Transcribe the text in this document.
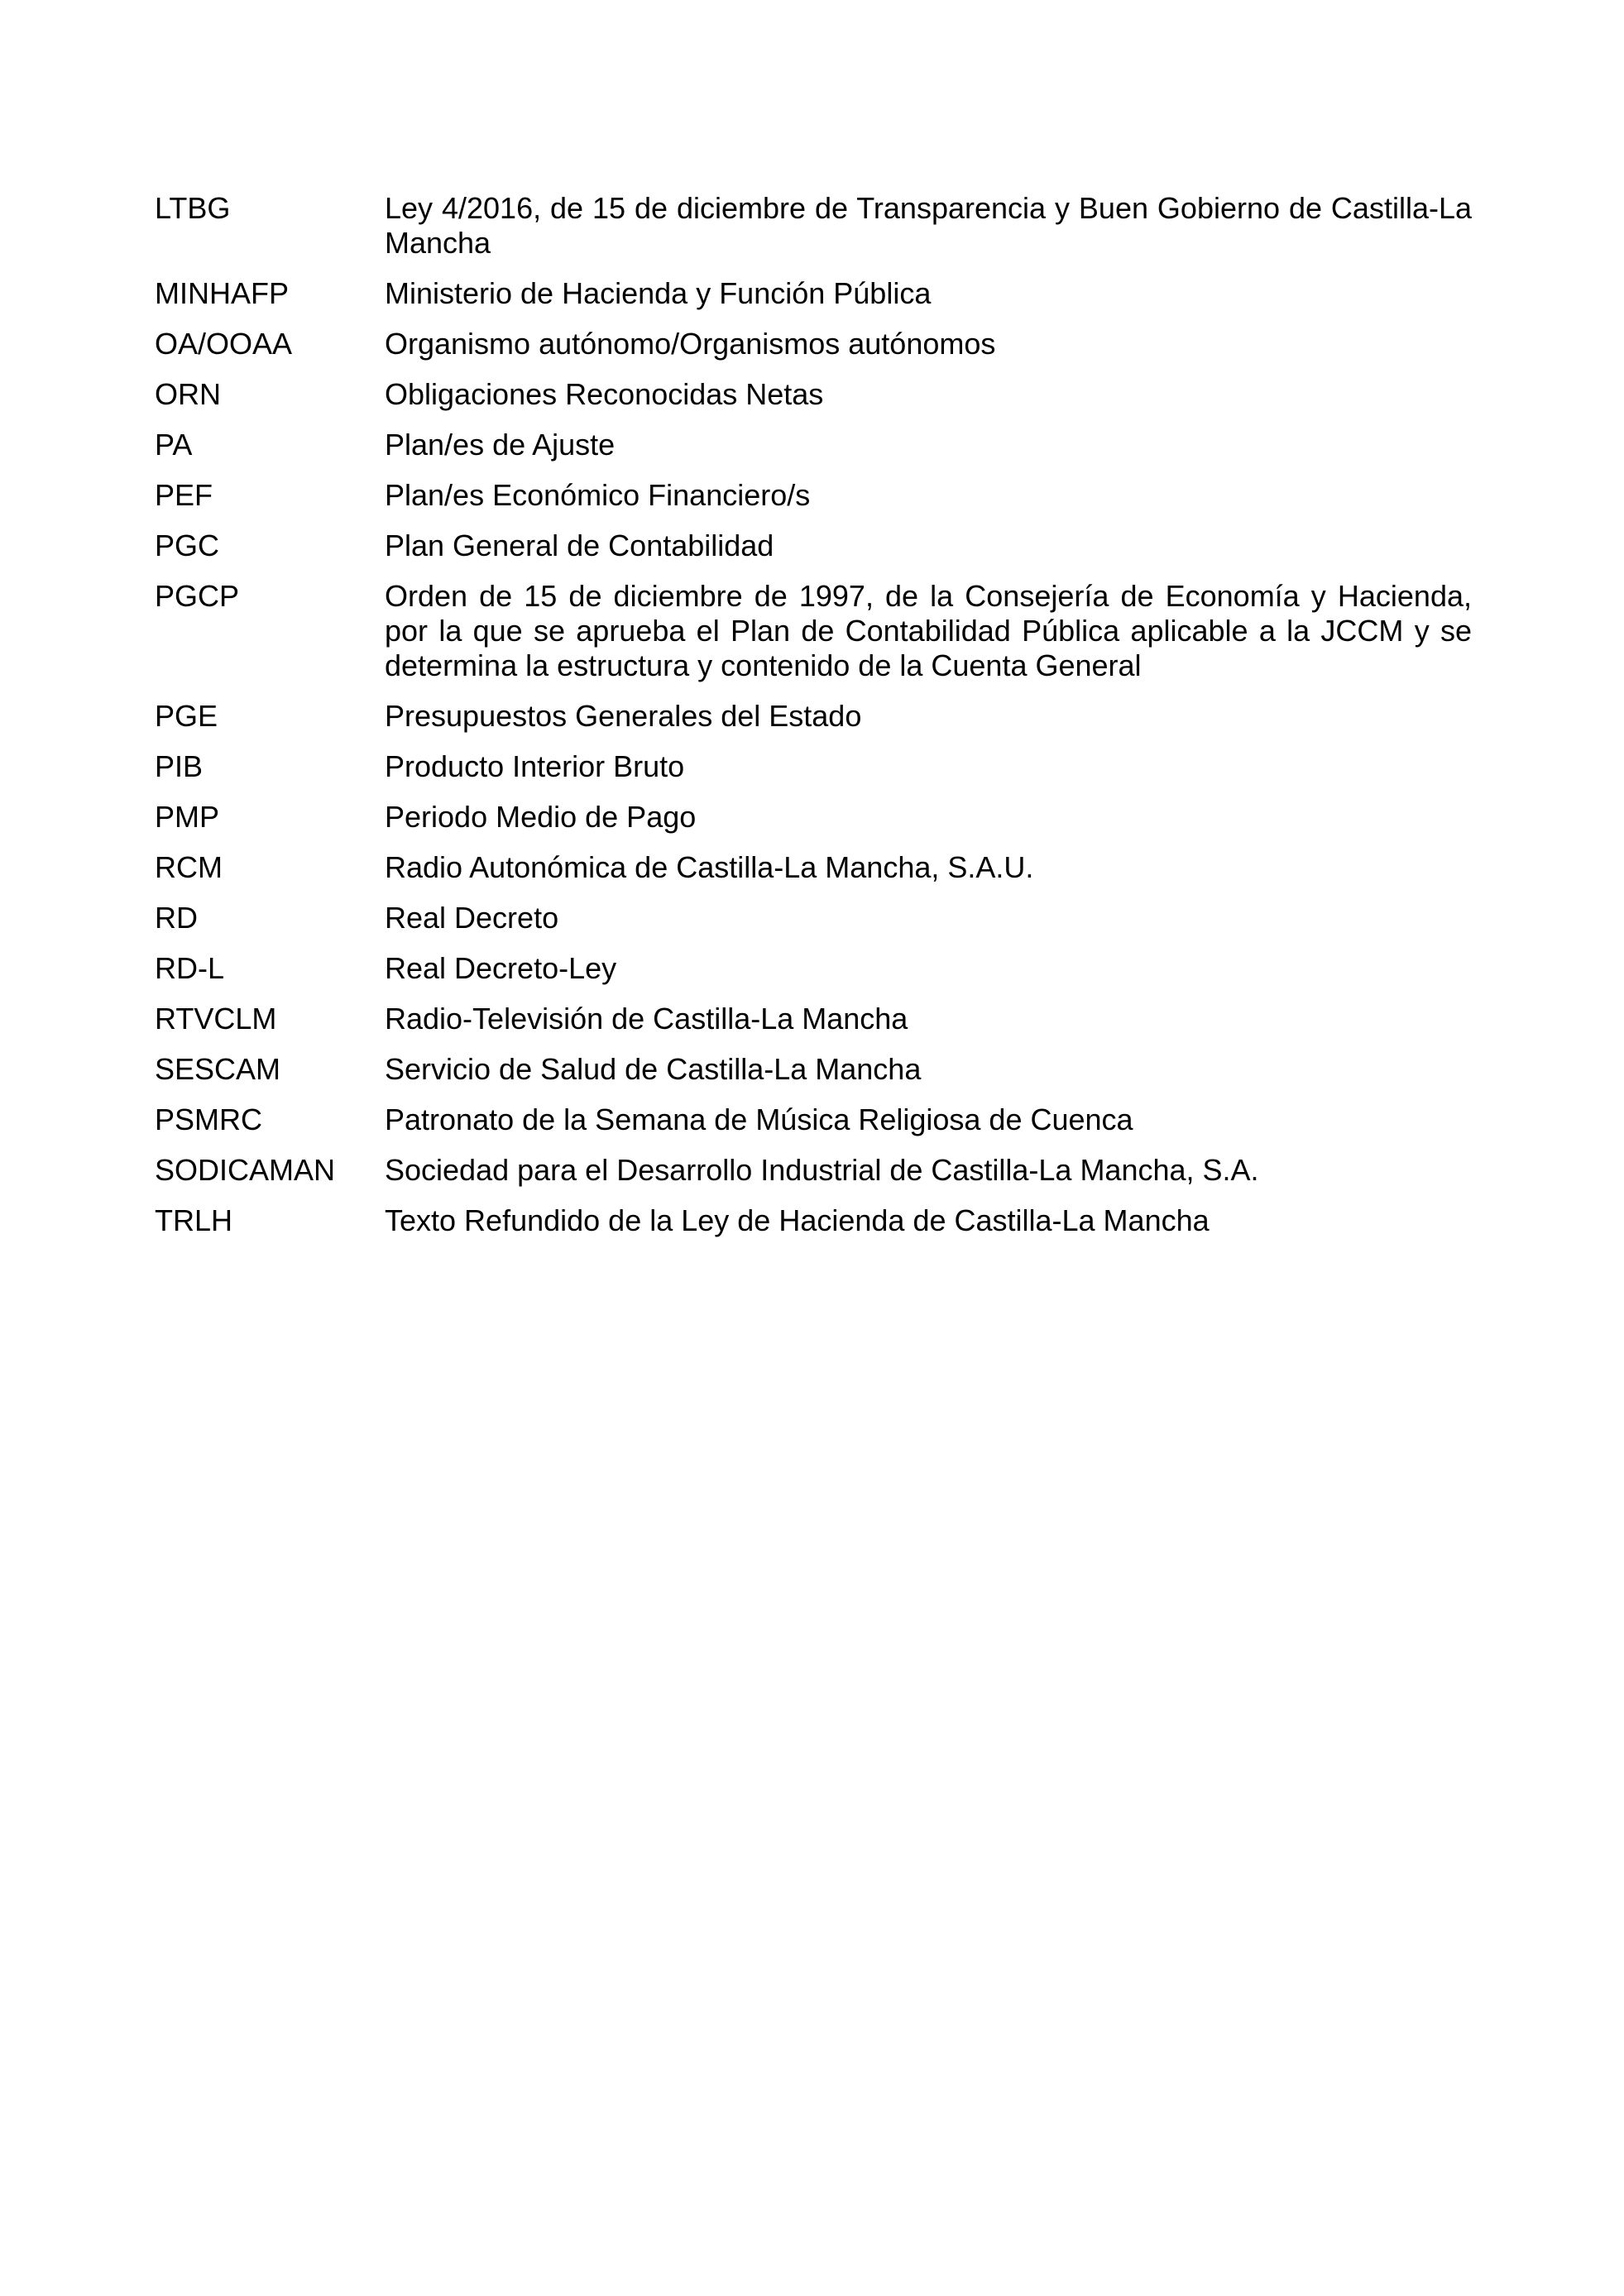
LTBG	Ley 4/2016, de 15 de diciembre de Transparencia y Buen Gobierno de Castilla-La Mancha
MINHAFP	Ministerio de Hacienda y Función Pública
OA/OOAA	Organismo autónomo/Organismos autónomos
ORN	Obligaciones Reconocidas Netas
PA	Plan/es de Ajuste
PEF	Plan/es Económico Financiero/s
PGC	Plan General de Contabilidad
PGCP	Orden de 15 de diciembre de 1997, de la Consejería de Economía y Hacienda, por la que se aprueba el Plan de Contabilidad Pública aplicable a la JCCM y se determina la estructura y contenido de la Cuenta General
PGE	Presupuestos Generales del Estado
PIB	Producto Interior Bruto
PMP	Periodo Medio de Pago
RCM	Radio Autonómica de Castilla-La Mancha, S.A.U.
RD	Real Decreto
RD-L	Real Decreto-Ley
RTVCLM	Radio-Televisión de Castilla-La Mancha
SESCAM	Servicio de Salud de Castilla-La Mancha
PSMRC	Patronato de la Semana de Música Religiosa de Cuenca
SODICAMAN	Sociedad para el Desarrollo Industrial de Castilla-La Mancha, S.A.
TRLH	Texto Refundido de la Ley de Hacienda de Castilla-La Mancha
